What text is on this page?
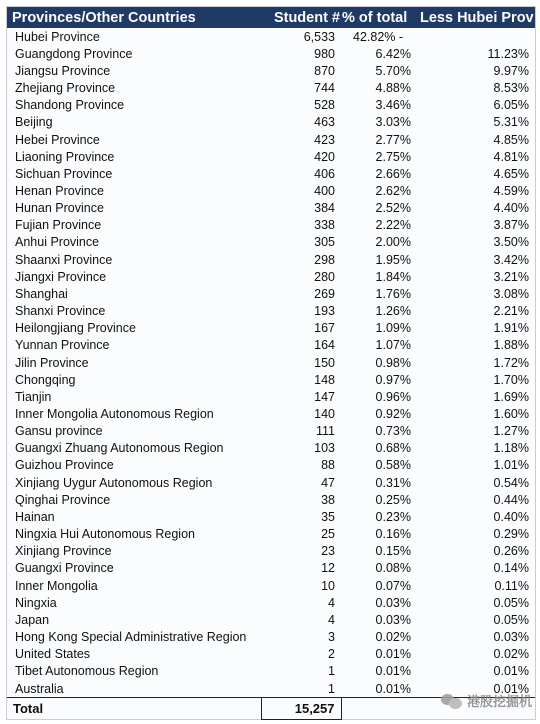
Provinces/Other Countries	Student #	% of total	Less Hubei Prov
Hubei Province	6,533	42.82% -	
Guangdong Province	980	6.42%	11.23%
Jiangsu Province	870	5.70%	9.97%
Zhejiang Province	744	4.88%	8.53%
Shandong Province	528	3.46%	6.05%
Beijing	463	3.03%	5.31%
Hebei Province	423	2.77%	4.85%
Liaoning Province	420	2.75%	4.81%
Sichuan Province	406	2.66%	4.65%
Henan Province	400	2.62%	4.59%
Hunan Province	384	2.52%	4.40%
Fujian Province	338	2.22%	3.87%
Anhui Province	305	2.00%	3.50%
Shaanxi Province	298	1.95%	3.42%
Jiangxi Province	280	1.84%	3.21%
Shanghai	269	1.76%	3.08%
Shanxi Province	193	1.26%	2.21%
Heilongjiang Province	167	1.09%	1.91%
Yunnan Province	164	1.07%	1.88%
Jilin Province	150	0.98%	1.72%
Chongqing	148	0.97%	1.70%
Tianjin	147	0.96%	1.69%
Inner Mongolia Autonomous Region	140	0.92%	1.60%
Gansu province	111	0.73%	1.27%
Guangxi Zhuang Autonomous Region	103	0.68%	1.18%
Guizhou Province	88	0.58%	1.01%
Xinjiang Uygur Autonomous Region	47	0.31%	0.54%
Qinghai Province	38	0.25%	0.44%
Hainan	35	0.23%	0.40%
Ningxia Hui Autonomous Region	25	0.16%	0.29%
Xinjiang Province	23	0.15%	0.26%
Guangxi Province	12	0.08%	0.14%
Inner Mongolia	10	0.07%	0.11%
Ningxia	4	0.03%	0.05%
Japan	4	0.03%	0.05%
Hong Kong Special Administrative Region	3	0.02%	0.03%
United States	2	0.01%	0.02%
Tibet Autonomous Region	1	0.01%	0.01%
Australia	1	0.01%	0.01%
Total	15,257			港股挖掘机
